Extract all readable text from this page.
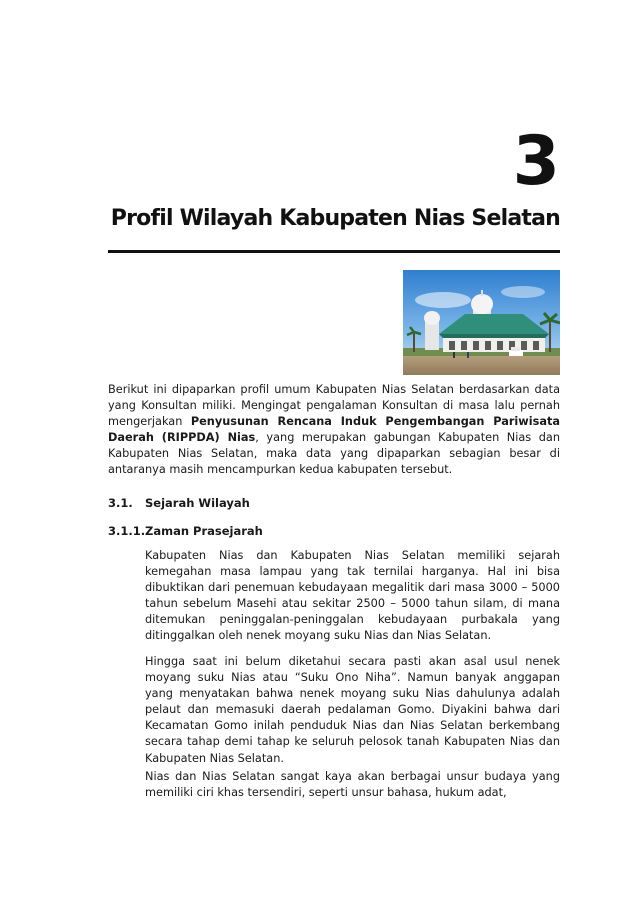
3
Profil Wilayah Kabupaten Nias Selatan
Berikut ini dipaparkan profil umum Kabupaten Nias Selatan berdasarkan data yang Konsultan miliki. Mengingat pengalaman Konsultan di masa lalu pernah mengerjakan Penyusunan Rencana Induk Pengembangan Pariwisata Daerah (RIPPDA) Nias, yang merupakan gabungan Kabupaten Nias dan Kabupaten Nias Selatan, maka data yang dipaparkan sebagian besar di antaranya masih mencampurkan kedua kabupaten tersebut.
3.1. Sejarah Wilayah
3.1.1.Zaman Prasejarah
Kabupaten Nias dan Kabupaten Nias Selatan memiliki sejarah kemegahan masa lampau yang tak ternilai harganya. Hal ini bisa dibuktikan dari penemuan kebudayaan megalitik dari masa 3000 – 5000 tahun sebelum Masehi atau sekitar 2500 – 5000 tahun silam, di mana ditemukan peninggalan-peninggalan kebudayaan purbakala yang ditinggalkan oleh nenek moyang suku Nias dan Nias Selatan.
Hingga saat ini belum diketahui secara pasti akan asal usul nenek moyang suku Nias atau “Suku Ono Niha”. Namun banyak anggapan yang menyatakan bahwa nenek moyang suku Nias dahulunya adalah pelaut dan memasuki daerah pedalaman Gomo. Diyakini bahwa dari Kecamatan Gomo inilah penduduk Nias dan Nias Selatan berkembang secara tahap demi tahap ke seluruh pelosok tanah Kabupaten Nias dan Kabupaten Nias Selatan.
Nias dan Nias Selatan sangat kaya akan berbagai unsur budaya yang memiliki ciri khas tersendiri, seperti unsur bahasa, hukum adat,
